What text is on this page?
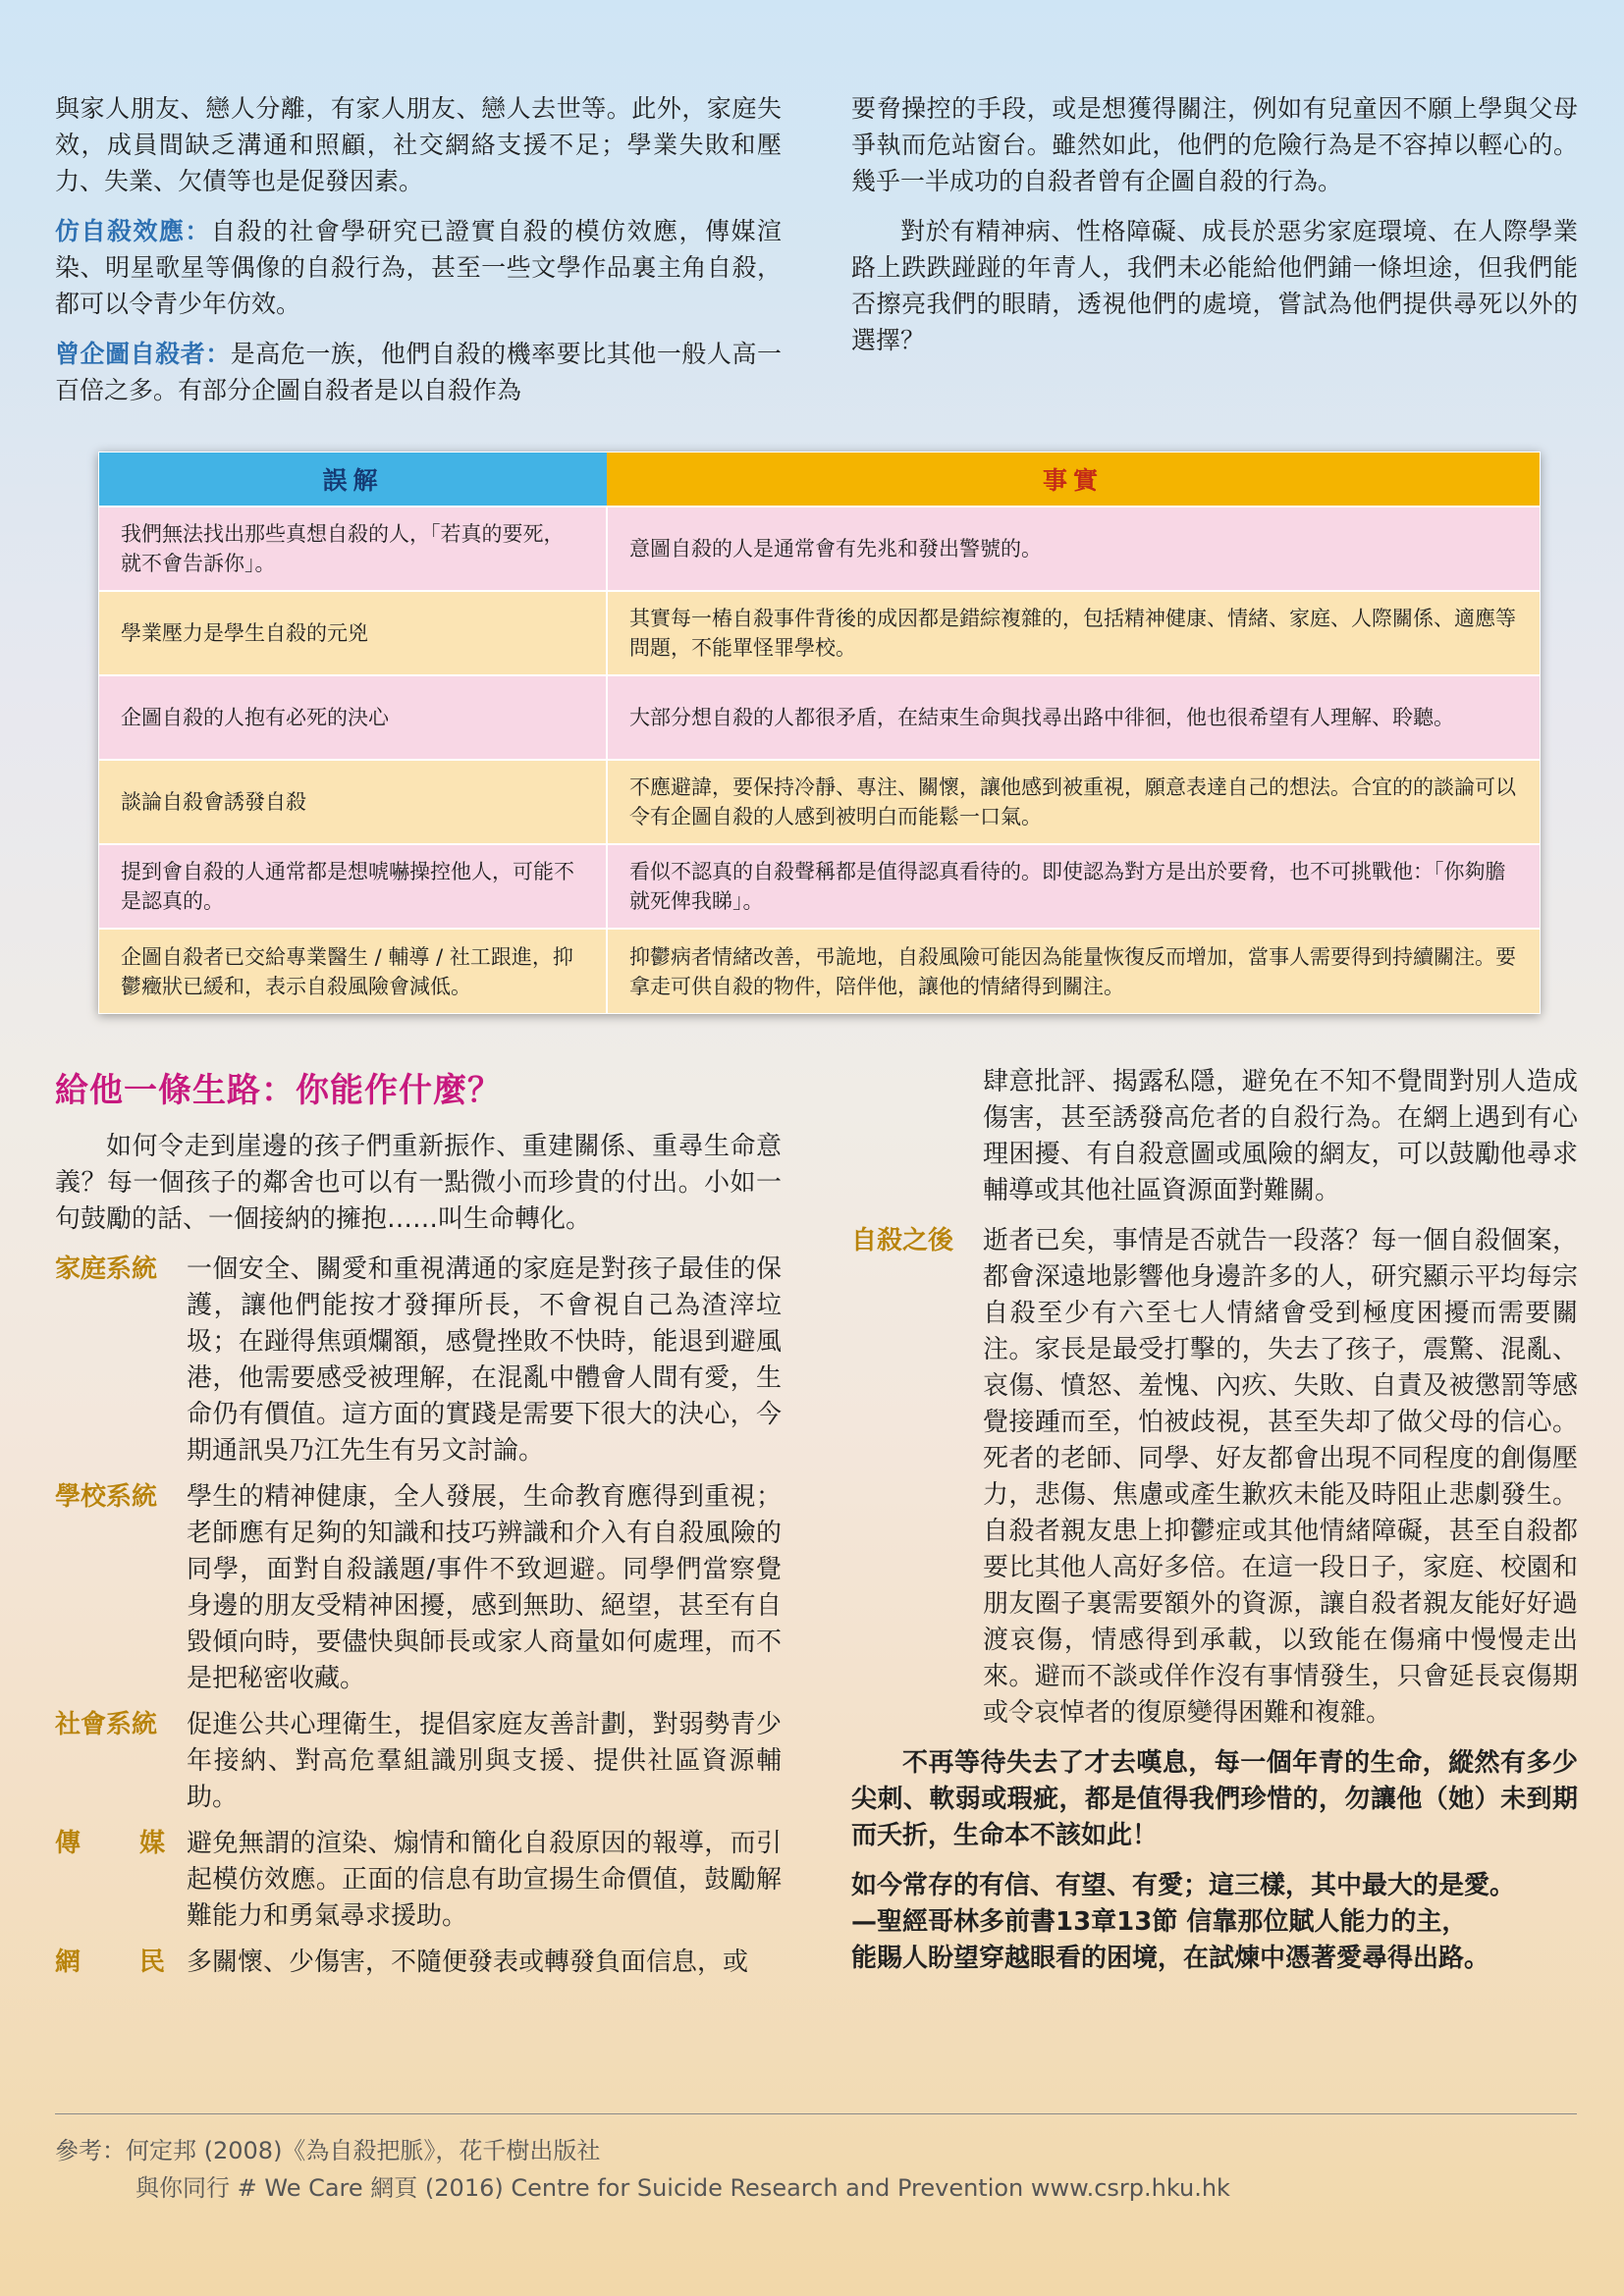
與家人朋友、戀人分離，有家人朋友、戀人去世等。此外，家庭失效，成員間缺乏溝通和照顧，社交網絡支援不足；學業失敗和壓力、失業、欠債等也是促發因素。

仿自殺效應：自殺的社會學研究已證實自殺的模仿效應，傳媒渲染、明星歌星等偶像的自殺行為，甚至一些文學作品裏主角自殺，都可以令青少年仿效。

曾企圖自殺者：是高危一族，他們自殺的機率要比其他一般人高一百倍之多。有部分企圖自殺者是以自殺作為

要脅操控的手段，或是想獲得關注，例如有兒童因不願上學與父母爭執而危站窗台。雖然如此，他們的危險行為是不容掉以輕心的。幾乎一半成功的自殺者曾有企圖自殺的行為。

對於有精神病、性格障礙、成長於惡劣家庭環境、在人際學業路上跌跌踫踫的年青人，我們未必能給他們鋪一條坦途，但我們能否擦亮我們的眼睛，透視他們的處境，嘗試為他們提供尋死以外的選擇？

誤解	事實
我們無法找出那些真想自殺的人，「若真的要死，就不會告訴你」。	意圖自殺的人是通常會有先兆和發出警號的。
學業壓力是學生自殺的元兇	其實每一樁自殺事件背後的成因都是錯綜複雜的，包括精神健康、情緒、家庭、人際關係、適應等問題，不能單怪罪學校。
企圖自殺的人抱有必死的決心	大部分想自殺的人都很矛盾，在結束生命與找尋出路中徘徊，他也很希望有人理解、聆聽。
談論自殺會誘發自殺	不應避諱，要保持冷靜、專注、關懷，讓他感到被重視，願意表達自己的想法。合宜的的談論可以令有企圖自殺的人感到被明白而能鬆一口氣。
提到會自殺的人通常都是想唬嚇操控他人，可能不是認真的。	看似不認真的自殺聲稱都是值得認真看待的。即使認為對方是出於要脅，也不可挑戰他：「你夠膽就死俾我睇」。
企圖自殺者已交給專業醫生 / 輔導 / 社工跟進，抑鬱癥狀已緩和，表示自殺風險會減低。	抑鬱病者情緒改善，弔詭地，自殺風險可能因為能量恢復反而增加，當事人需要得到持續關注。要拿走可供自殺的物件，陪伴他，讓他的情緒得到關注。
給他一條生路：你能作什麼？
如何令走到崖邊的孩子們重新振作、重建關係、重尋生命意義？每一個孩子的鄰舍也可以有一點微小而珍貴的付出。小如一句鼓勵的話、一個接納的擁抱……叫生命轉化。
家庭系統	一個安全、關愛和重視溝通的家庭是對孩子最佳的保護，讓他們能按才發揮所長，不會視自己為渣滓垃圾；在踫得焦頭爛額，感覺挫敗不快時，能退到避風港，他需要感受被理解，在混亂中體會人間有愛，生命仍有價值。這方面的實踐是需要下很大的決心，今期通訊吳乃江先生有另文討論。
學校系統	學生的精神健康，全人發展，生命教育應得到重視；老師應有足夠的知識和技巧辨識和介入有自殺風險的同學，面對自殺議題/事件不致迴避。同學們當察覺身邊的朋友受精神困擾，感到無助、絕望，甚至有自毀傾向時，要儘快與師長或家人商量如何處理，而不是把秘密收藏。
社會系統	促進公共心理衛生，提倡家庭友善計劃，對弱勢青少年接納、對高危羣組識別與支援、提供社區資源輔助。
傳 媒 避免無謂的渲染、煽情和簡化自殺原因的報導，而引起模仿效應。正面的信息有助宣揚生命價值，鼓勵解難能力和勇氣尋求援助。
網 民 多關懷、少傷害，不隨便發表或轉發負面信息，或
肆意批評、揭露私隱，避免在不知不覺間對別人造成傷害，甚至誘發高危者的自殺行為。在網上遇到有心理困擾、有自殺意圖或風險的網友，可以鼓勵他尋求輔導或其他社區資源面對難關。
自殺之後	逝者已矣，事情是否就告一段落？每一個自殺個案，都會深遠地影響他身邊許多的人，研究顯示平均每宗自殺至少有六至七人情緒會受到極度困擾而需要關注。家長是最受打擊的，失去了孩子，震驚、混亂、哀傷、憤怒、羞愧、內疚、失敗、自責及被懲罰等感覺接踵而至，怕被歧視，甚至失却了做父母的信心。死者的老師、同學、好友都會出現不同程度的創傷壓力，悲傷、焦慮或產生歉疚未能及時阻止悲劇發生。自殺者親友患上抑鬱症或其他情緒障礙，甚至自殺都要比其他人高好多倍。在這一段日子，家庭、校園和朋友圈子裏需要額外的資源，讓自殺者親友能好好過渡哀傷，情感得到承載，以致能在傷痛中慢慢走出來。避而不談或佯作沒有事情發生，只會延長哀傷期或令哀悼者的復原變得困難和複雜。
不再等待失去了才去嘆息，每一個年青的生命，縱然有多少尖刺、軟弱或瑕疵，都是值得我們珍惜的，勿讓他（她）未到期而夭折，生命本不該如此！
如今常存的有信、有望、有愛；這三樣，其中最大的是愛。
—聖經哥林多前書13章13節 信靠那位賦人能力的主，
能賜人盼望穿越眼看的困境，在試煉中憑著愛尋得出路。
參考：何定邦 (2008)《為自殺把脈》，花千樹出版社
與你同行 # We Care 網頁 (2016) Centre for Suicide Research and Prevention www.csrp.hku.hk
